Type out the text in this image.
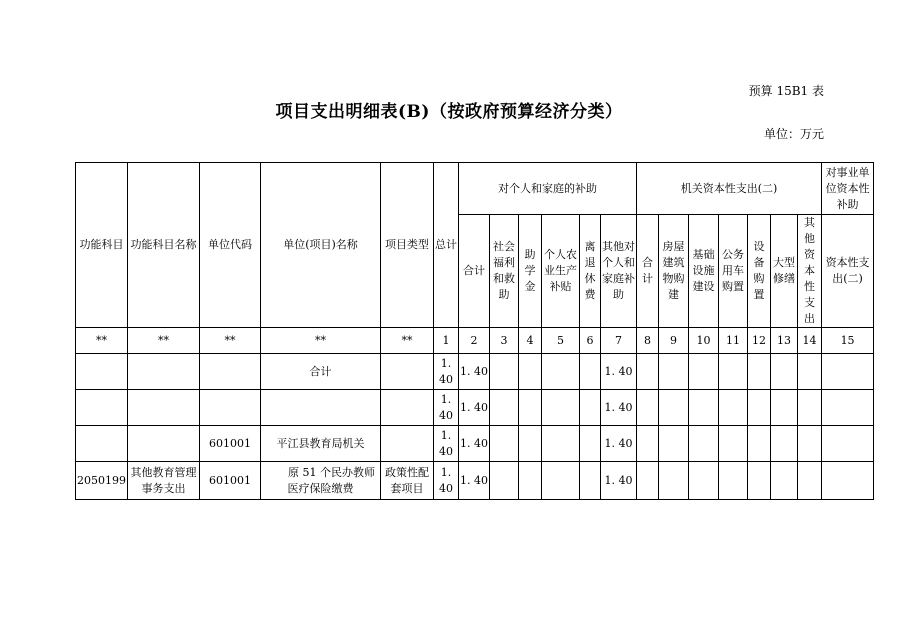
预算 15B1 表
项目支出明细表(B)（按政府预算经济分类）
单位：万元
功能科目	功能科目名称	单位代码	单位(项目)名称	项目类型	总计	对个人和家庭的补助						机关资本性支出(二)							对事业单位资本性补助
						合计	社会福利和救助	助学金	个人农业生产补贴	离退休费	其他对个人和家庭补助	合计	房屋建筑物购建	基础设施建设	公务用车购置	设备购置	大型修缮	其他资本性支出	资本性支出(二)
**	**	**	**	**	1	2	3	4	5	6	7	8	9	10	11	12	13	14	15
			合计		1. 40	1. 40					1. 40								
					1. 40	1. 40					1. 40								
		601001	平江县教育局机关		1. 40	1. 40					1. 40								
2050199	其他教育管理事务支出	601001	原 51 个民办教师医疗保险缴费	政策性配套项目	1. 40	1. 40					1. 40								
